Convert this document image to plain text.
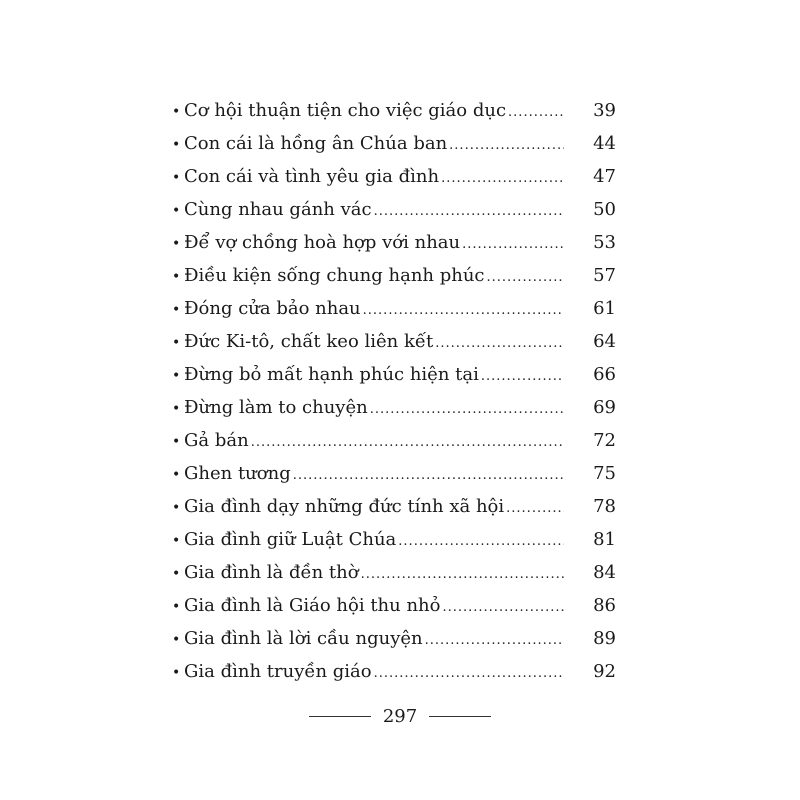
• Cơ hội thuận tiện cho việc giáo dục .....	39
• Con cái là hồng ân Chúa ban .....	44
• Con cái và tình yêu gia đình .....	47
• Cùng nhau gánh vác .....	50
• Để vợ chồng hoà hợp với nhau .....	53
• Điều kiện sống chung hạnh phúc .....	57
• Đóng cửa bảo nhau .....	61
• Đức Ki-tô, chất keo liên kết .....	64
• Đừng bỏ mất hạnh phúc hiện tại .....	66
• Đừng làm to chuyện .....	69
• Gả bán .....	72
• Ghen tương .....	75
• Gia đình dạy những đức tính xã hội .....	78
• Gia đình giữ Luật Chúa .....	81
• Gia đình là đền thờ .....	84
• Gia đình là Giáo hội thu nhỏ .....	86
• Gia đình là lời cầu nguyện .....	89
• Gia đình truyền giáo .....	92
297
